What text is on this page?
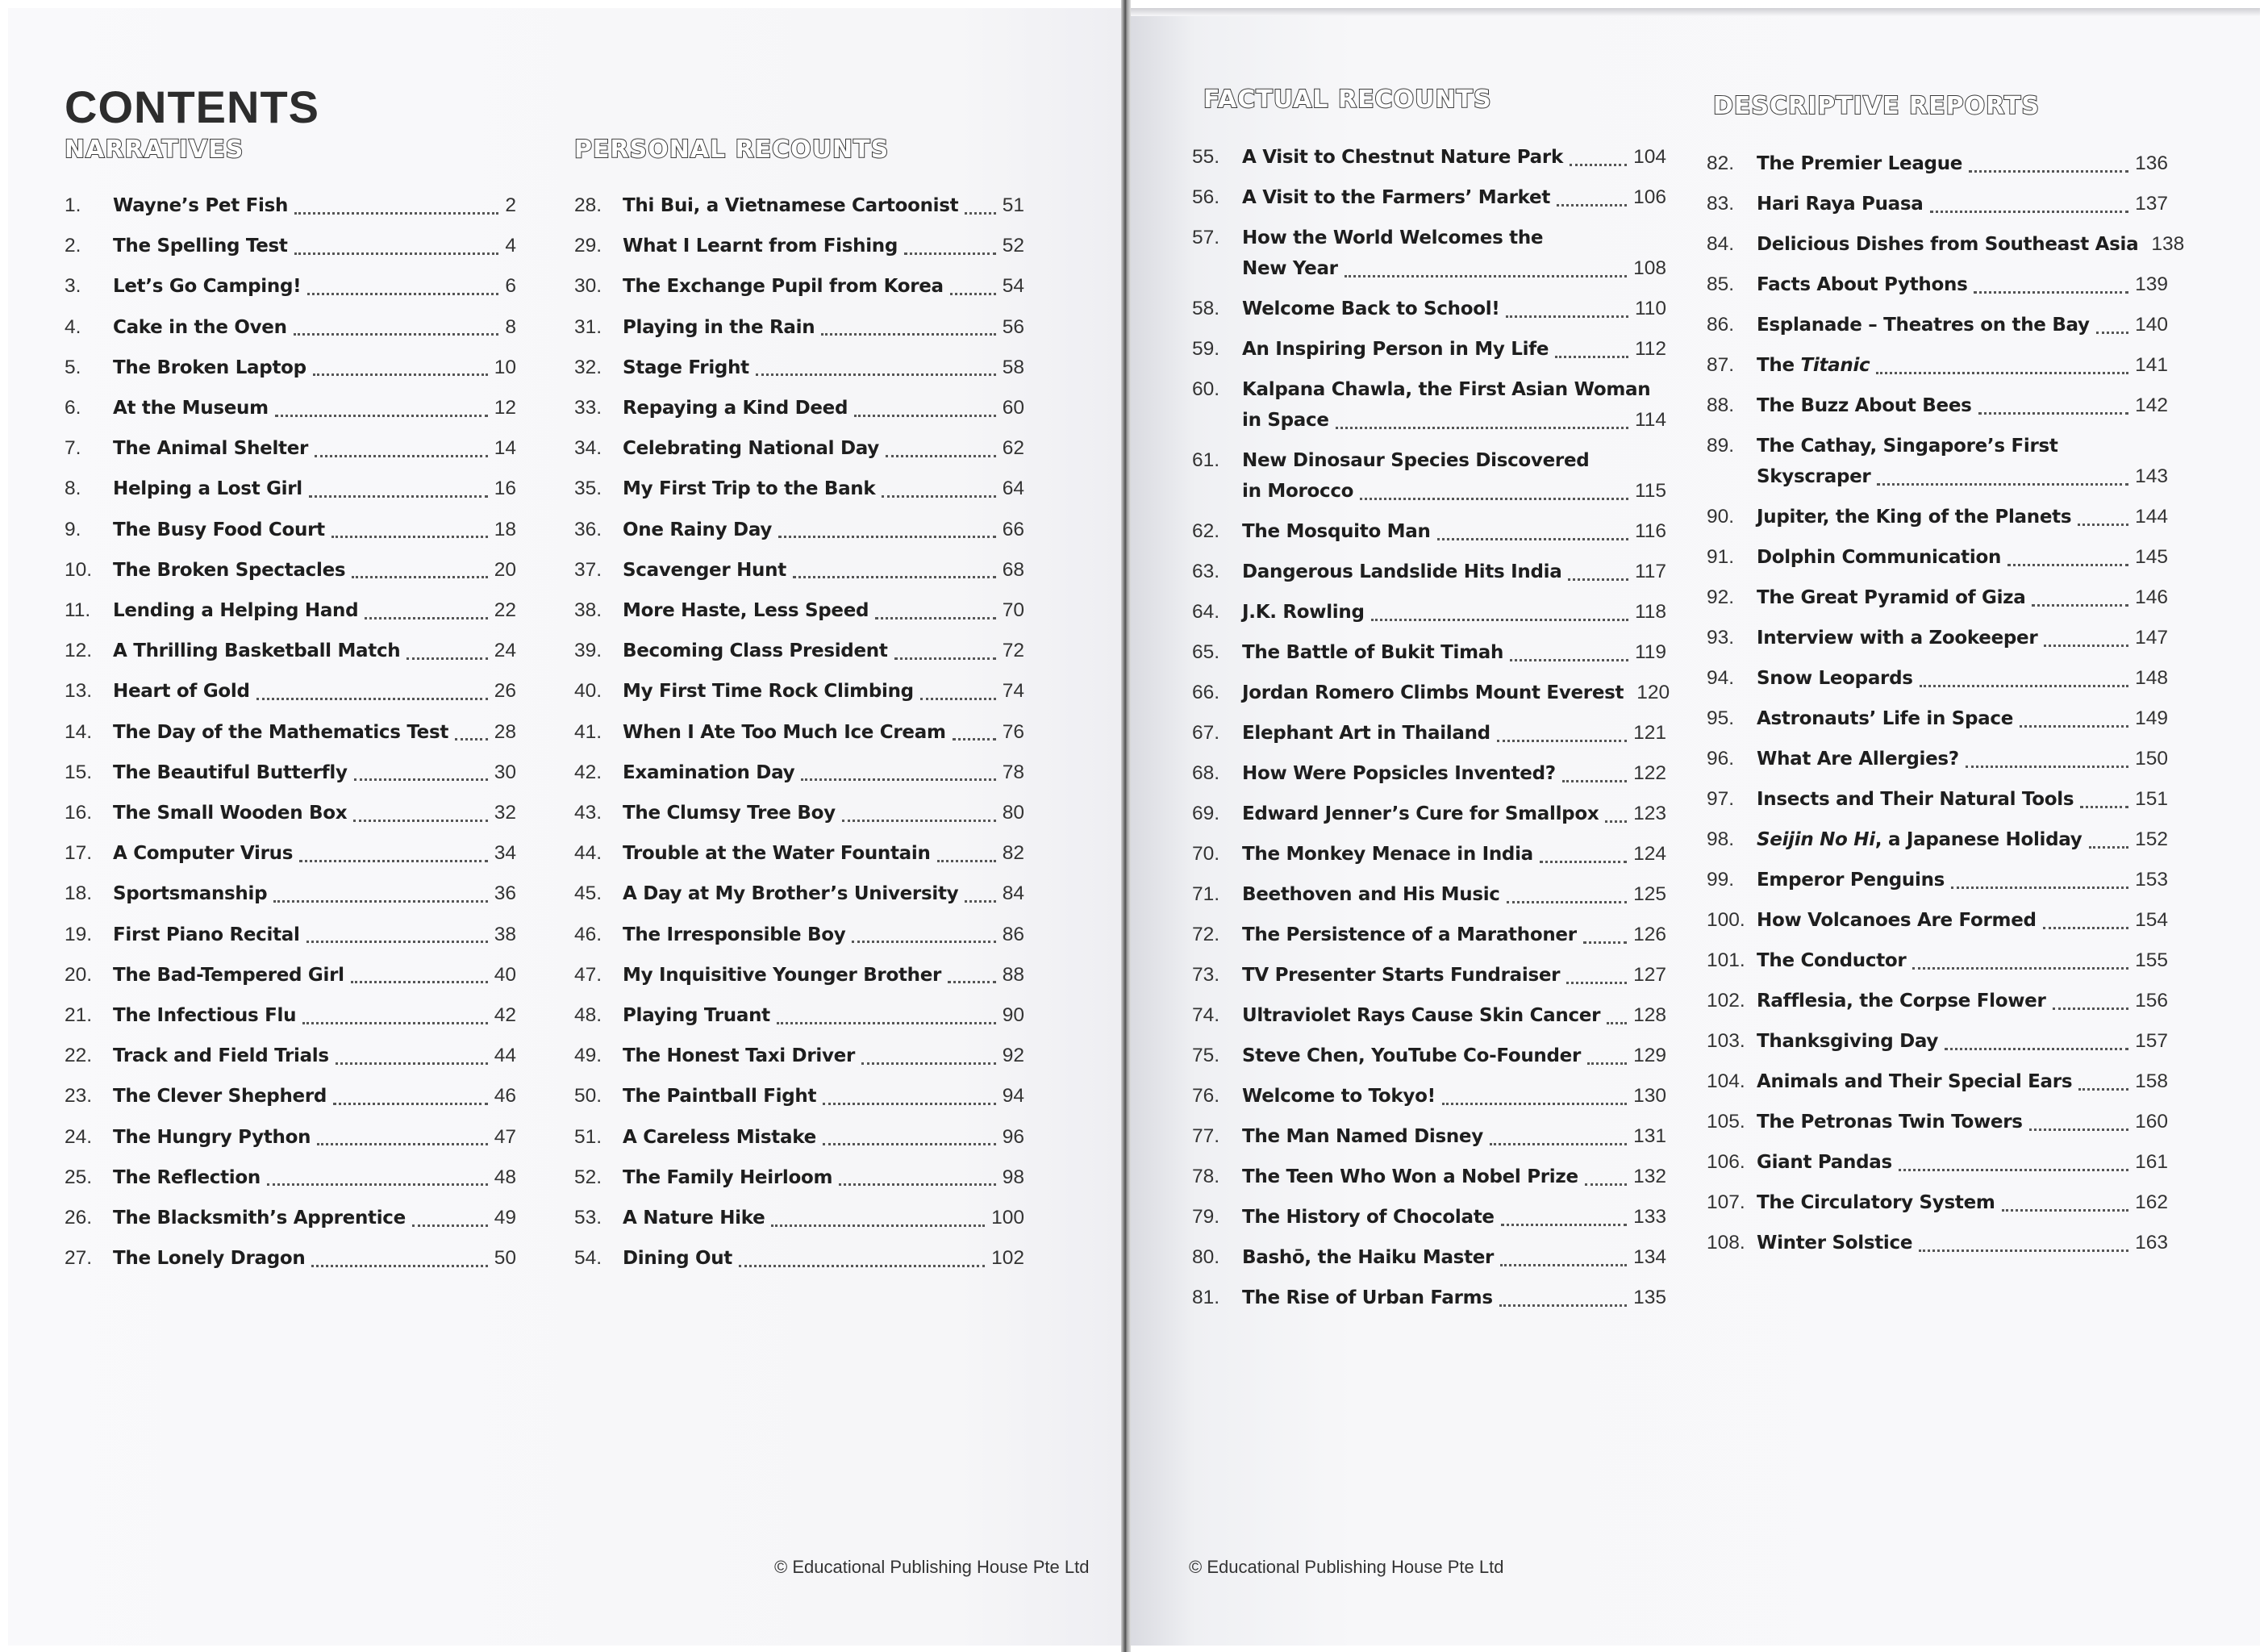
CONTENTS
NARRATIVES	PERSONAL RECOUNTS
FACTUAL RECOUNTS	DESCRIPTIVE REPORTS
1.	Wayne’s Pet Fish	2
2.	The Spelling Test	4
3.	Let’s Go Camping!	6
4.	Cake in the Oven	8
5.	The Broken Laptop	10
6.	At the Museum	12
7.	The Animal Shelter	14
8.	Helping a Lost Girl	16
9.	The Busy Food Court	18
10.	The Broken Spectacles	20
11.	Lending a Helping Hand	22
12.	A Thrilling Basketball Match	24
13.	Heart of Gold	26
14.	The Day of the Mathematics Test 28
15.	The Beautiful Butterfly	30
16.	The Small Wooden Box	32
17.	A Computer Virus	34
18.	Sportsmanship	36
19.	First Piano Recital	38
20.	The Bad-Tempered Girl	40
21.	The Infectious Flu	42
22.	Track and Field Trials	44
23.	The Clever Shepherd	46
24.	The Hungry Python	47
25.	The Reflection	48
26.	The Blacksmith’s Apprentice	49
27.	The Lonely Dragon	50
28.	Thi Bui, a Vietnamese Cartoonist 51
29.	What I Learnt from Fishing	52
30.	The Exchange Pupil from Korea	54
31.	Playing in the Rain	56
32.	Stage Fright	58
33.	Repaying a Kind Deed	60
34.	Celebrating National Day	62
35.	My First Trip to the Bank	64
36.	One Rainy Day	66
37.	Scavenger Hunt	68
38.	More Haste, Less Speed	70
39.	Becoming Class President	72
40.	My First Time Rock Climbing	74
41.	When I Ate Too Much Ice Cream	76
42.	Examination Day	78
43.	The Clumsy Tree Boy	80
44.	Trouble at the Water Fountain	82
45.	A Day at My Brother’s University 84
46.	The Irresponsible Boy	86
47.	My Inquisitive Younger Brother	88
48.	Playing Truant	90
49.	The Honest Taxi Driver	92
50.	The Paintball Fight	94
51.	A Careless Mistake	96
52.	The Family Heirloom	98
53.	A Nature Hike	100
54.	Dining Out	102
55.	A Visit to Chestnut Nature Park	104
56.	A Visit to the Farmers’ Market	106
57.	How the World Welcomes the
New Year	108
58.	Welcome Back to School!	110
59.	An Inspiring Person in My Life	112
60.	Kalpana Chawla, the First Asian Woman
in Space	114
61.	New Dinosaur Species Discovered
in Morocco	115
62.	The Mosquito Man	116
63.	Dangerous Landslide Hits India	117
64.	J.K. Rowling	118
65.	The Battle of Bukit Timah	119
66.	Jordan Romero Climbs Mount Everest 120
67.	Elephant Art in Thailand	121
68.	How Were Popsicles Invented?	122
69.	Edward Jenner’s Cure for Smallpox 123
70.	The Monkey Menace in India	124
71.	Beethoven and His Music	125
72.	The Persistence of a Marathoner	126
73.	TV Presenter Starts Fundraiser	127
74.	Ultraviolet Rays Cause Skin Cancer 128
75.	Steve Chen, YouTube Co-Founder	129
76.	Welcome to Tokyo!	130
77.	The Man Named Disney	131
78.	The Teen Who Won a Nobel Prize	132
79.	The History of Chocolate	133
80.	Bashō, the Haiku Master	134
81.	The Rise of Urban Farms	135
82.	The Premier League	136
83.	Hari Raya Puasa	137
84.	Delicious Dishes from Southeast Asia 138
85.	Facts About Pythons	139
86.	Esplanade – Theatres on the Bay 140
87.	The Titanic	141
88.	The Buzz About Bees	142
89.	The Cathay, Singapore’s First
Skyscraper	143
90.	Jupiter, the King of the Planets	144
91.	Dolphin Communication	145
92.	The Great Pyramid of Giza	146
93.	Interview with a Zookeeper	147
94.	Snow Leopards	148
95.	Astronauts’ Life in Space	149
96.	What Are Allergies?	150
97.	Insects and Their Natural Tools	151
98.	Seijin No Hi, a Japanese Holiday	152
99.	Emperor Penguins	153
100. How Volcanoes Are Formed	154
101. The Conductor	155
102. Rafflesia, the Corpse Flower	156
103. Thanksgiving Day	157
104. Animals and Their Special Ears	158
105. The Petronas Twin Towers	160
106. Giant Pandas	161
107. The Circulatory System	162
108. Winter Solstice	163
© Educational Publishing House Pte Ltd	© Educational Publishing House Pte Ltd
